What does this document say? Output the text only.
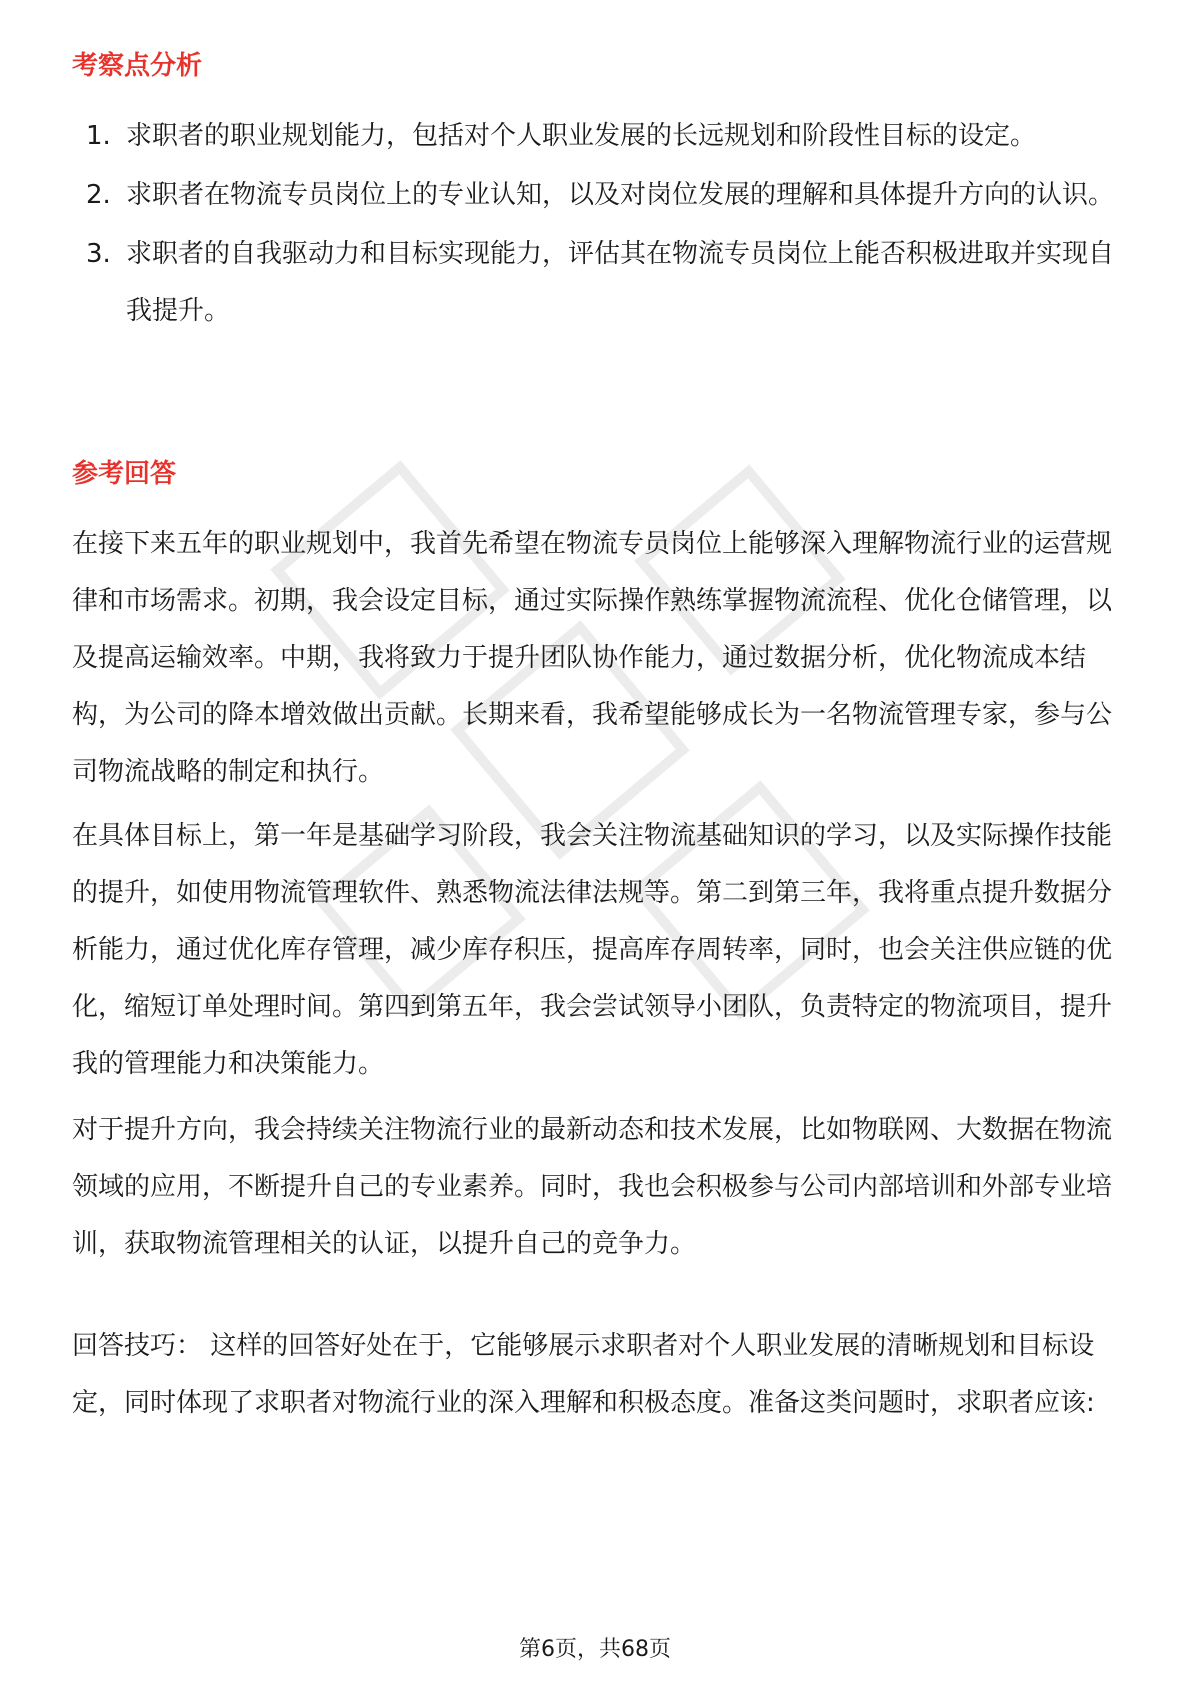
考察点分析
1. 求职者的职业规划能力，包括对个人职业发展的长远规划和阶段性目标的设定。
2. 求职者在物流专员岗位上的专业认知，以及对岗位发展的理解和具体提升方向的认识。
3. 求职者的自我驱动力和目标实现能力，评估其在物流专员岗位上能否积极进取并实现自我提升。
参考回答

在接下来五年的职业规划中，我首先希望在物流专员岗位上能够深入理解物流行业的运营规律和市场需求。初期，我会设定目标，通过实际操作熟练掌握物流流程、优化仓储管理，以及提高运输效率。中期，我将致力于提升团队协作能力，通过数据分析，优化物流成本结构，为公司的降本增效做出贡献。长期来看，我希望能够成长为一名物流管理专家，参与公司物流战略的制定和执行。

在具体目标上，第一年是基础学习阶段，我会关注物流基础知识的学习，以及实际操作技能的提升，如使用物流管理软件、熟悉物流法律法规等。第二到第三年，我将重点提升数据分析能力，通过优化库存管理，减少库存积压，提高库存周转率，同时，也会关注供应链的优化，缩短订单处理时间。第四到第五年，我会尝试领导小团队，负责特定的物流项目，提升我的管理能力和决策能力。

对于提升方向，我会持续关注物流行业的最新动态和技术发展，比如物联网、大数据在物流领域的应用，不断提升自己的专业素养。同时，我也会积极参与公司内部培训和外部专业培训，获取物流管理相关的认证，以提升自己的竞争力。

回答技巧： 这样的回答好处在于，它能够展示求职者对个人职业发展的清晰规划和目标设定，同时体现了求职者对物流行业的深入理解和积极态度。准备这类问题时，求职者应该:

第6页，共68页
